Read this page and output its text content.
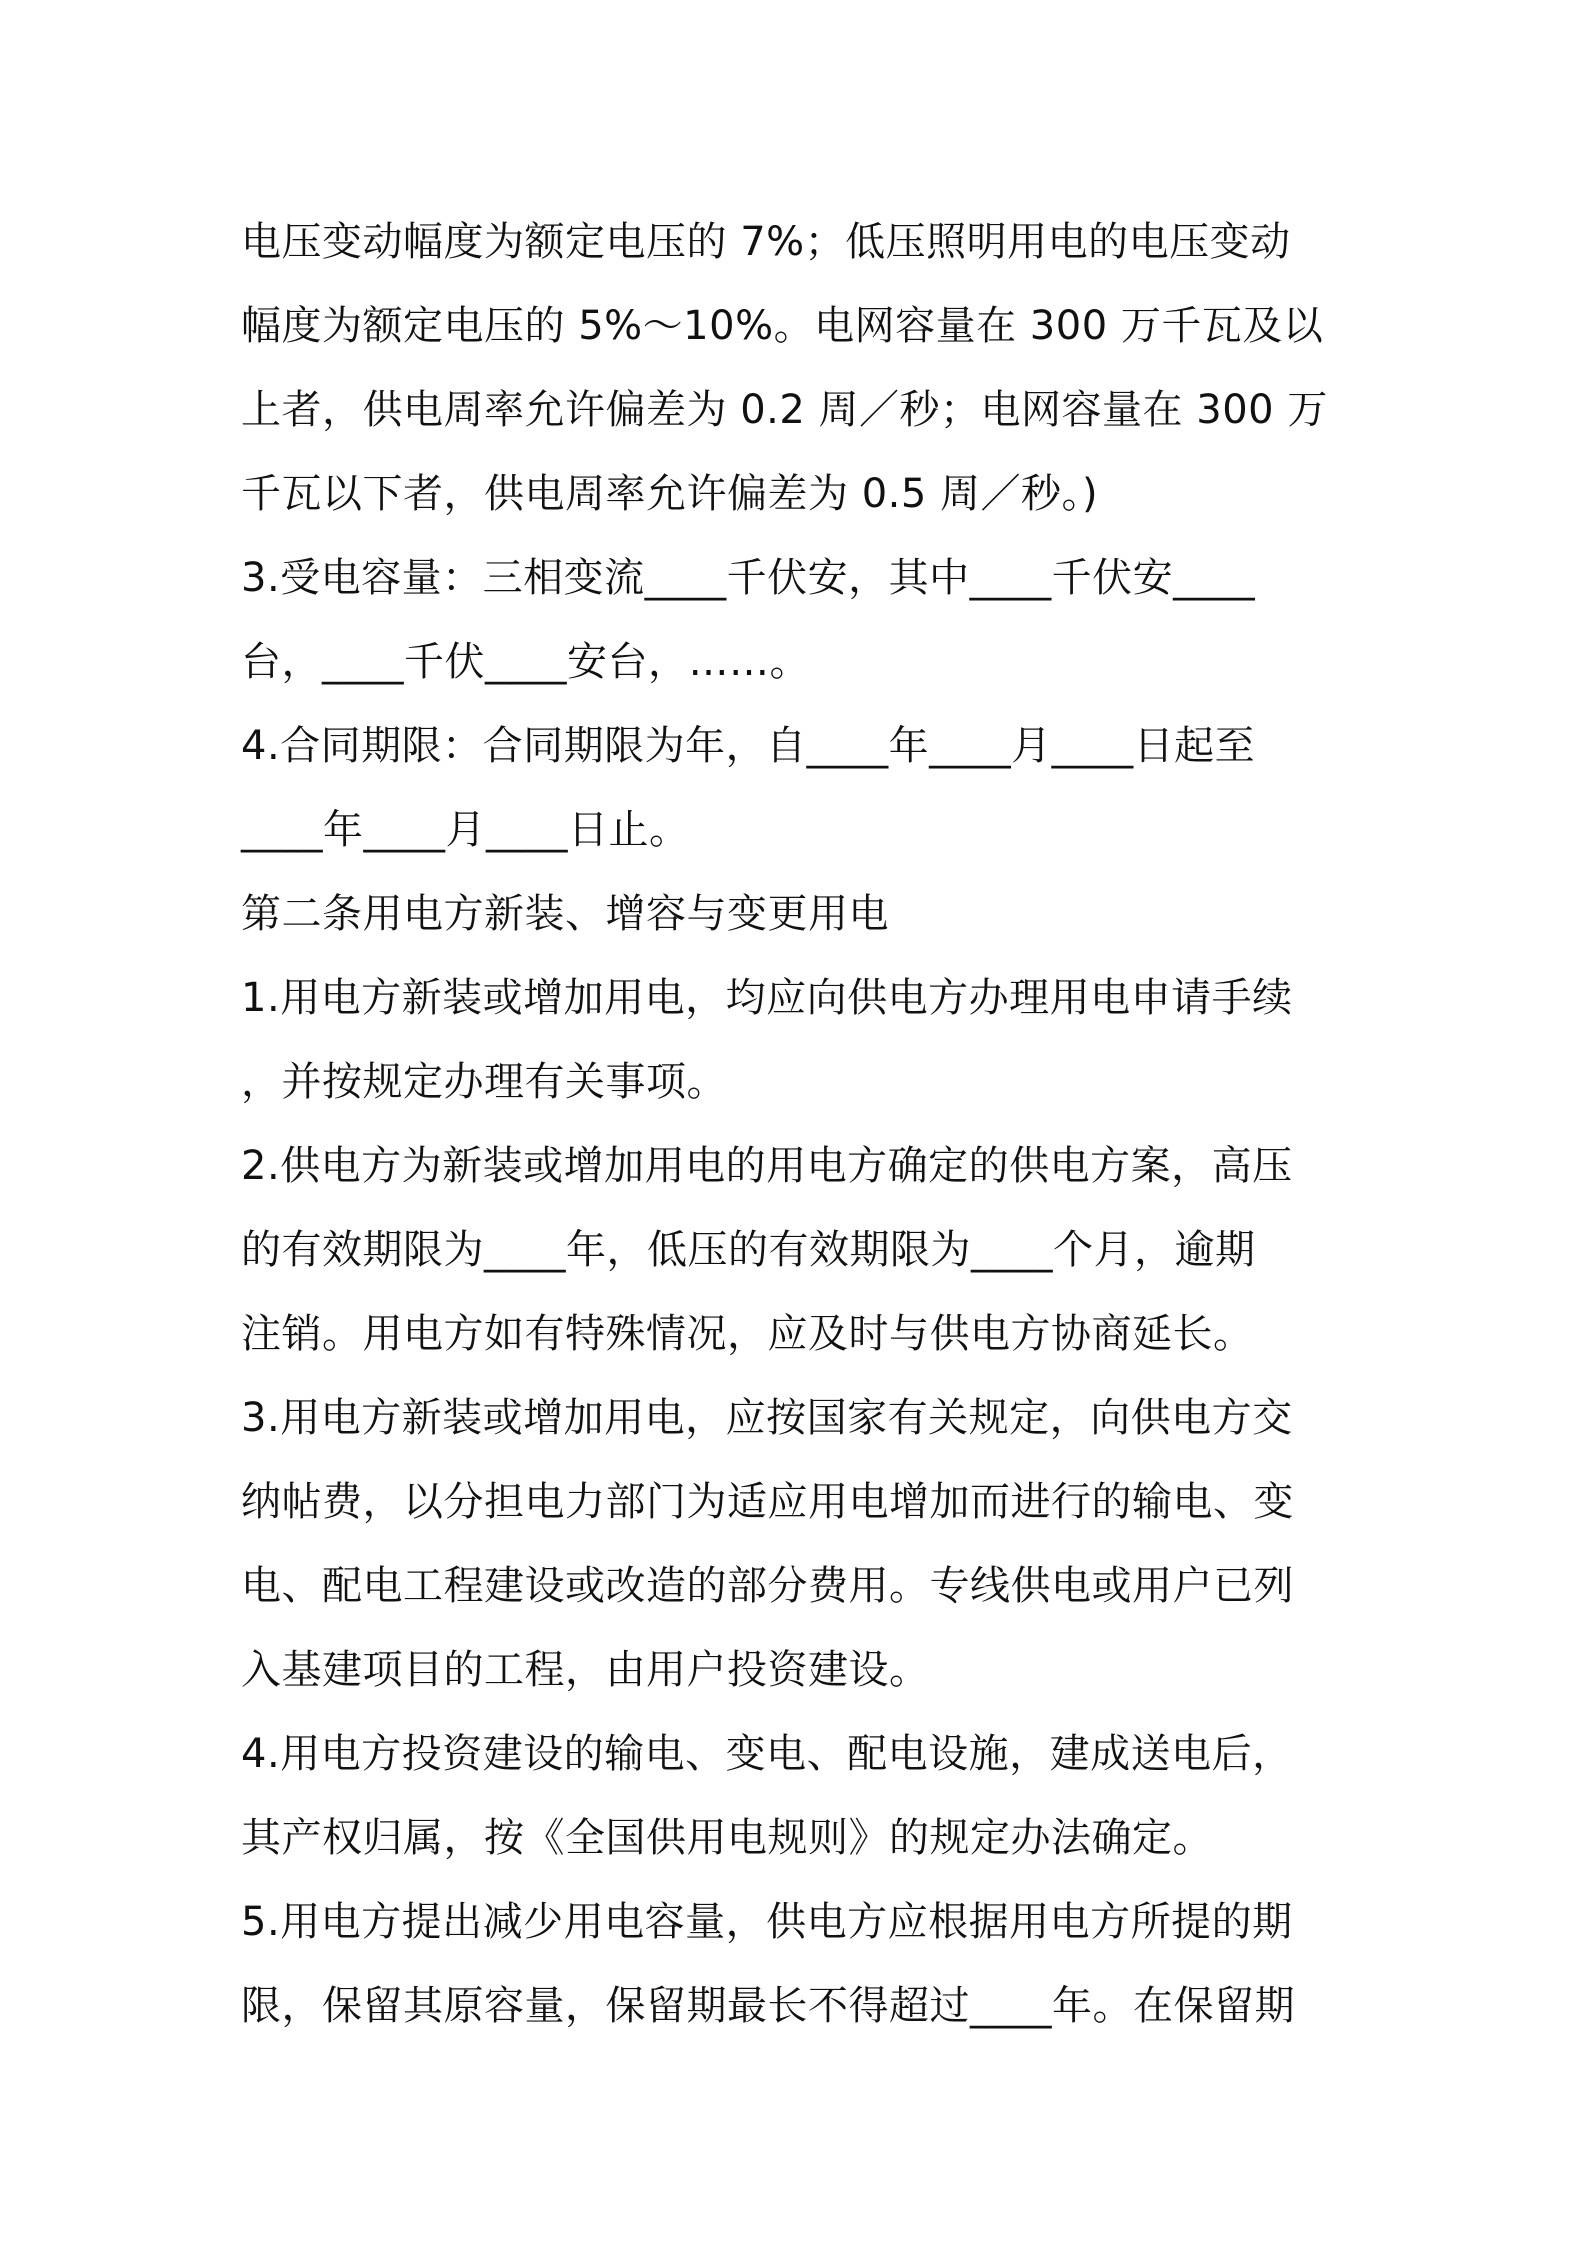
电压变动幅度为额定电压的 7%；低压照明用电的电压变动
幅度为额定电压的 5%～10%。电网容量在 300 万千瓦及以
上者，供电周率允许偏差为 0.2 周／秒；电网容量在 300 万
千瓦以下者，供电周率允许偏差为 0.5 周／秒。)
3.受电容量：三相变流____千伏安，其中____千伏安____
台，____千伏____安台，……。
4.合同期限：合同期限为年，自____年____月____日起至
____年____月____日止。
第二条用电方新装、增容与变更用电
1.用电方新装或增加用电，均应向供电方办理用电申请手续
，并按规定办理有关事项。
2.供电方为新装或增加用电的用电方确定的供电方案，高压
的有效期限为____年，低压的有效期限为____个月，逾期
注销。用电方如有特殊情况，应及时与供电方协商延长。
3.用电方新装或增加用电，应按国家有关规定，向供电方交
纳帖费，以分担电力部门为适应用电增加而进行的输电、变
电、配电工程建设或改造的部分费用。专线供电或用户已列
入基建项目的工程，由用户投资建设。
4.用电方投资建设的输电、变电、配电设施，建成送电后，
其产权归属，按《全国供用电规则》的规定办法确定。
5.用电方提出减少用电容量，供电方应根据用电方所提的期
限，保留其原容量，保留期最长不得超过____年。在保留期
